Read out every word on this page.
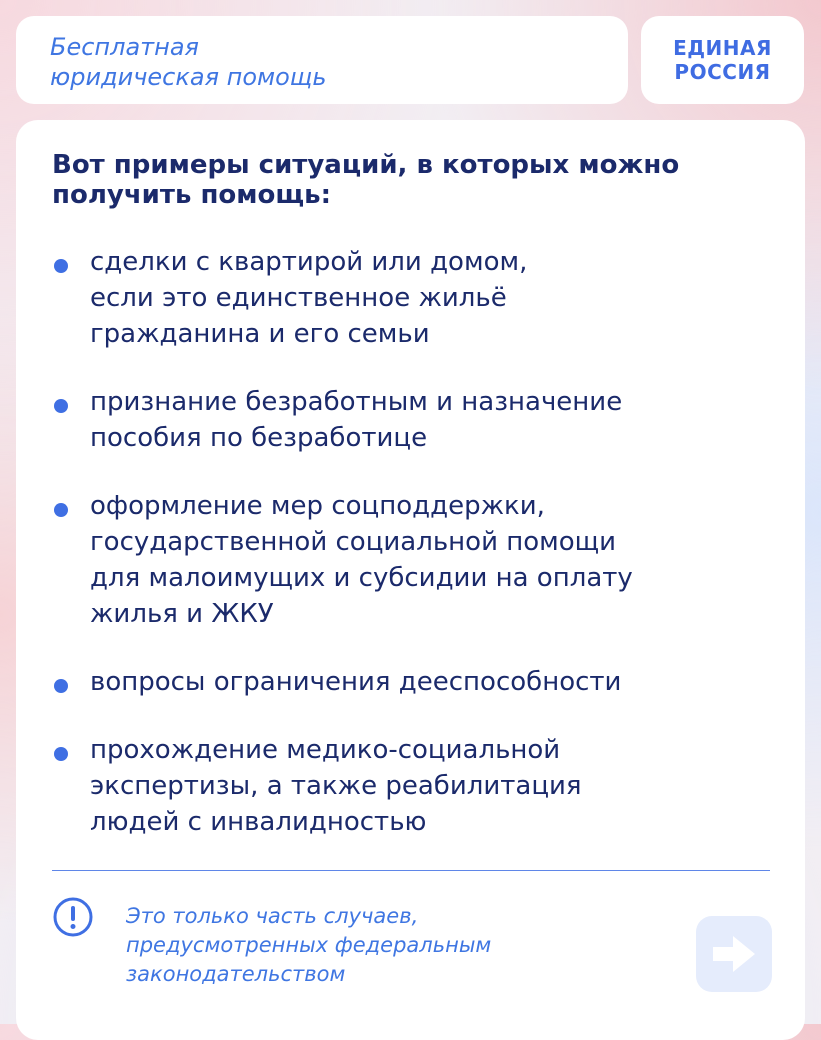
Бесплатная
юридическая помощь

ЕДИНАЯ
РОССИЯ
Вот примеры ситуаций, в которых можно
получить помощь:
сделки с квартирой или домом,
если это единственное жильё
гражданина и его семьи
признание безработным и назначение
пособия по безработице
оформление мер соцподдержки,
государственной социальной помощи
для малоимущих и субсидии на оплату
жилья и ЖКУ
вопросы ограничения дееспособности
прохождение медико-социальной
экспертизы, а также реабилитация
людей с инвалидностью

Это только часть случаев,
предусмотренных федеральным
законодательством
